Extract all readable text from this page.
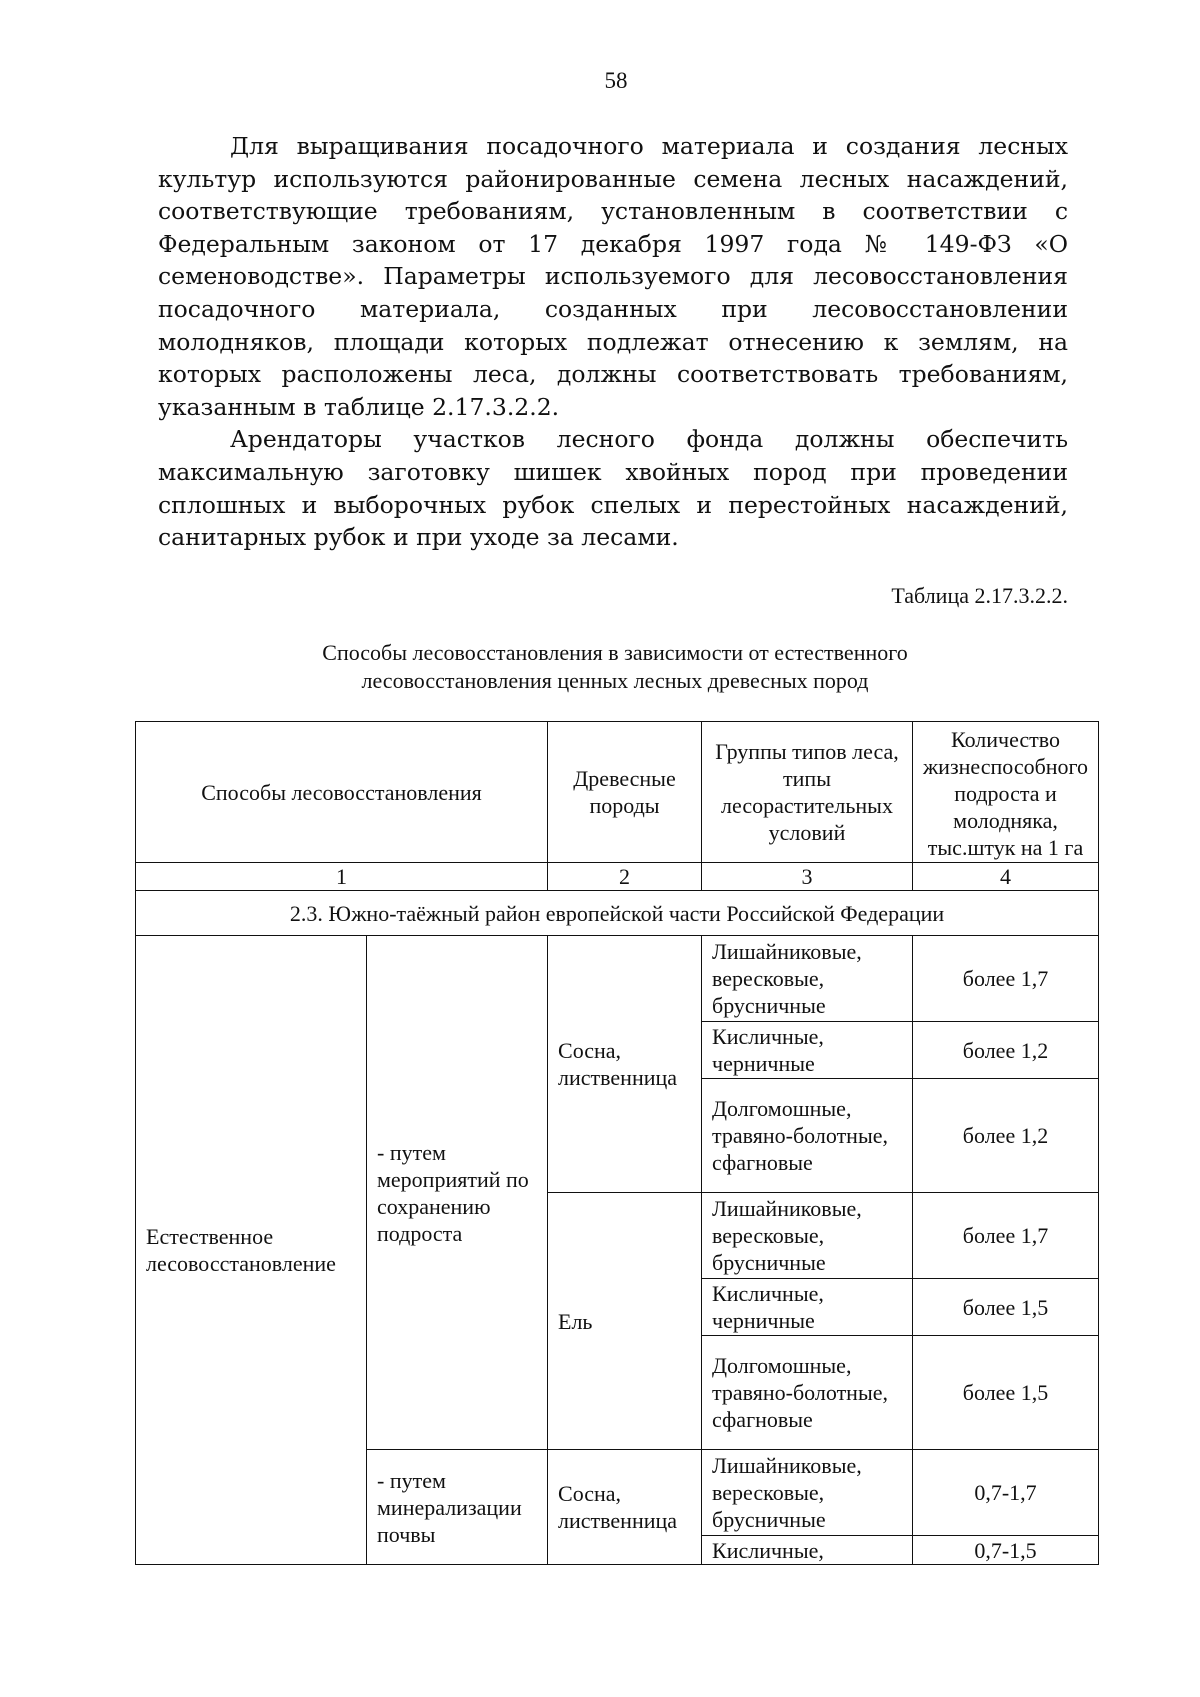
58

Для выращивания посадочного материала и создания лесных культур используются районированные семена лесных насаждений, соответствующие требованиям, установленным в соответствии с Федеральным законом от 17 декабря 1997 года № 149-ФЗ «О семеноводстве». Параметры используемого для лесовосстановления посадочного материала, созданных при лесовосстановлении молодняков, площади которых подлежат отнесению к землям, на которых расположены леса, должны соответствовать требованиям, указанным в таблице 2.17.3.2.2.

Арендаторы участков лесного фонда должны обеспечить максимальную заготовку шишек хвойных пород при проведении сплошных и выборочных рубок спелых и перестойных насаждений, санитарных рубок и при уходе за лесами.

Таблица 2.17.3.2.2.
Способы лесовосстановления в зависимости от естественного
лесовосстановления ценных лесных древесных пород
Способы лесовосстановления		Древесные породы	Группы типов леса, типы лесорастительных условий	Количество жизнеспособного подроста и молодняка, тыс.штук на 1 га
1		2	3	4
2.3. Южно-таёжный район европейской части Российской Федерации				
Естественное лесовосстановление	- путем мероприятий по сохранению подроста	Сосна, лиственница	Лишайниковые, вересковые, брусничные	более 1,7
			Кисличные, черничные	более 1,2
			Долгомошные, травяно-болотные, сфагновые	более 1,2
		Ель	Лишайниковые, вересковые, брусничные	более 1,7
			Кисличные, черничные	более 1,5
			Долгомошные, травяно-болотные, сфагновые	более 1,5
	- путем минерализации почвы	Сосна, лиственница	Лишайниковые, вересковые, брусничные	0,7-1,7
			Кисличные,	0,7-1,5
